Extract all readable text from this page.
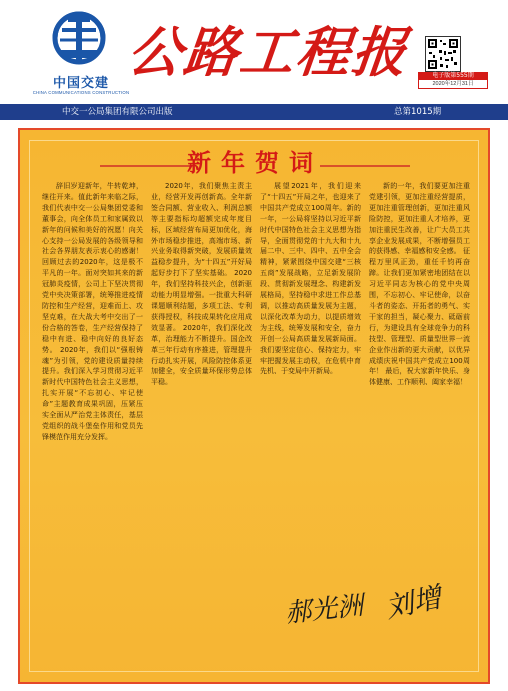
中国交建
CHINA COMMUNICATIONS CONSTRUCTION
公路工程报	电子版第555期
2020年12月31日
中交一公局集团有限公司出版	总第1015期
新年贺词

辞旧岁迎新年，牛转乾坤，继往开来。值此新年来临之际，我们代表中交一公局集团党委和董事会，向全体员工和家属致以新年的问候和美好的祝愿！向关心支持一公局发展的各级领导和社会各界朋友表示衷心的感谢！ 回顾过去的2020年，这是极不平凡的一年。面对突如其来的新冠肺炎疫情，公司上下坚决贯彻党中央决策部署，统筹推进疫情防控和生产经营，迎难而上、攻坚克难，在大战大考中交出了一份合格的答卷，生产经营保持了稳中有进、稳中向好的良好态势。 2020年，我们以“强根铸魂”为引领，党的建设质量持续提升。我们深入学习贯彻习近平新时代中国特色社会主义思想，扎实开展“不忘初心、牢记使命”主题教育成果巩固，压紧压实全面从严治党主体责任，基层党组织的战斗堡垒作用和党员先锋模范作用充分发挥。

2020年，我们聚焦主责主业，经营开发再创新高。全年新签合同额、营业收入、利润总额等主要指标均超额完成年度目标，区域经营布局更加优化，海外市场稳步推进，高端市场、新兴业务取得新突破，发展质量效益稳步提升，为“十四五”开好局起好步打下了坚实基础。 2020年，我们坚持科技兴企，创新驱动能力明显增强。一批重大科研课题顺利结题，多项工法、专利获得授权，科技成果转化应用成效显著。 2020年，我们深化改革，治理能力不断提升。国企改革三年行动有序推进，管理提升行动扎实开展，风险防控体系更加健全，安全质量环保形势总体平稳。

展望2021年，我们迎来了“十四五”开局之年，也迎来了中国共产党成立100周年。新的一年，一公局将坚持以习近平新时代中国特色社会主义思想为指导，全面贯彻党的十九大和十九届二中、三中、四中、五中全会精神，紧紧围绕中国交建“三核五商”发展战略，立足新发展阶段、贯彻新发展理念、构建新发展格局，坚持稳中求进工作总基调，以推动高质量发展为主题，以深化改革为动力，以提质增效为主线，统筹发展和安全，奋力开创一公局高质量发展新局面。我们要坚定信心、保持定力，牢牢把握发展主动权，在危机中育先机、于变局中开新局。

新的一年，我们要更加注重党建引领，更加注重经营提质，更加注重管理创新，更加注重风险防控，更加注重人才培养，更加注重民生改善，让广大员工共享企业发展成果，不断增强员工的获得感、幸福感和安全感。 征程万里风正劲，重任千钧再奋蹄。让我们更加紧密地团结在以习近平同志为核心的党中央周围，不忘初心、牢记使命，以奋斗者的姿态、开拓者的勇气、实干家的担当，凝心聚力、砥砺前行，为建设具有全球竞争力的科技型、管理型、质量型世界一流企业作出新的更大贡献，以优异成绩庆祝中国共产党成立100周年！ 最后，祝大家新年快乐、身体健康、工作顺利、阖家幸福！

郝光洲 刘增
